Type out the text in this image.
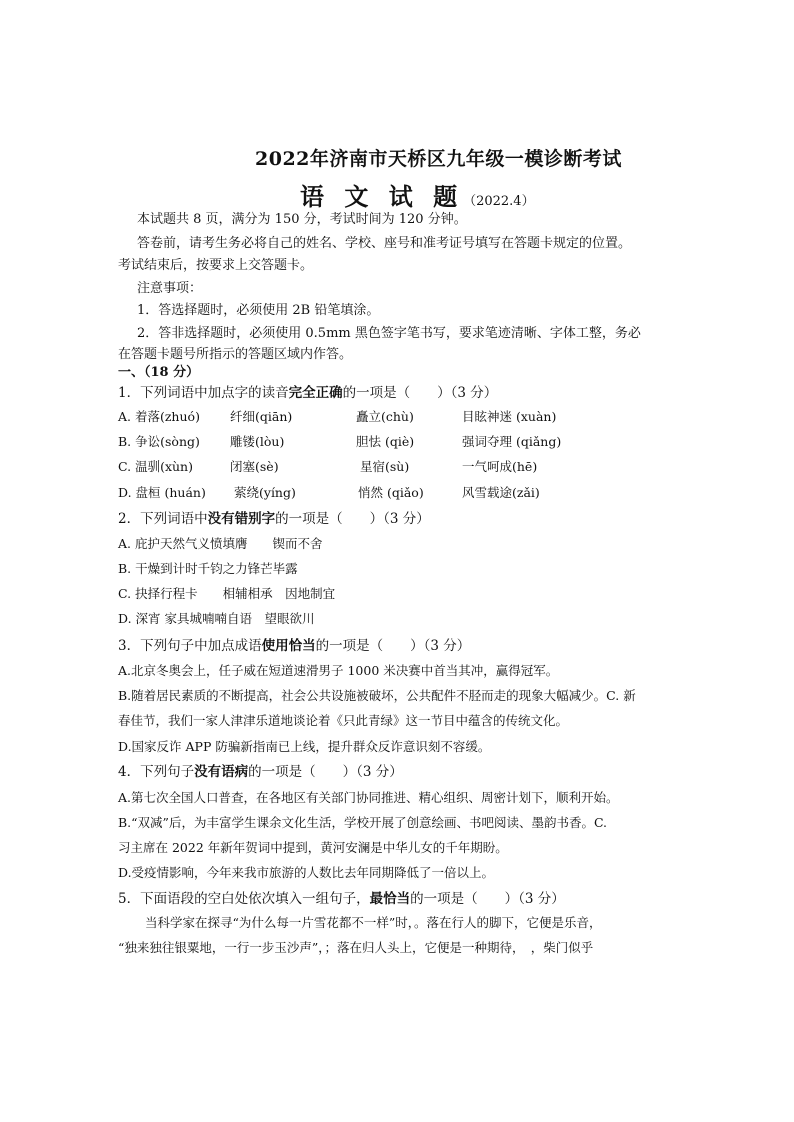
2022年济南市天桥区九年级一模诊断考试
语 文 试 题（2022.4）
本试题共 8 页，满分为 150 分，考试时间为 120 分钟。
答卷前，请考生务必将自己的姓名、学校、座号和准考证号填写在答题卡规定的位置。
考试结束后，按要求上交答题卡。
注意事项：
1．答选择题时，必须使用 2B 铅笔填涂。
2．答非选择题时，必须使用 0.5mm 黑色签字笔书写，要求笔迹清晰、字体工整，务必
在答题卡题号所指示的答题区域内作答。
一、（18 分）
1．下列词语中加点字的读音完全正确的一项是（　　）（3 分）
A. 着落(zhuó) 纤细(qiān)	矗立(chù)	目眩神迷 (xuàn)
B. 争讼(sòng) 雕镂(lòu)	胆怯 (qiè)	强词夺理 (qiǎng)
C. 温驯(xùn)	闭塞(sè)	星宿(sù)	一气呵成(hē)
D. 盘桓 (huán) 萦绕(yíng)	悄然 (qiǎo)	风雪载途(zǎi)
2．下列词语中没有错别字的一项是（　　）（3 分）
A. 庇护天然气义愤填膺　　锲而不舍
B. 干燥到计时千钧之力锋芒毕露
C. 抉择行程卡　　相辅相承　因地制宜
D. 深宵 家具城喃喃自语　望眼欲川
3．下列句子中加点成语使用恰当的一项是（　　）（3 分）
A.北京冬奥会上，任子威在短道速滑男子 1000 米决赛中首当其冲，赢得冠军。
B.随着居民素质的不断提高，社会公共设施被破坏，公共配件不胫而走的现象大幅减少。C. 新
春佳节，我们一家人津津乐道地谈论着《只此青绿》这一节目中蕴含的传统文化。
D.国家反诈 APP 防骗新指南已上线，提升群众反诈意识刻不容缓。
4．下列句子没有语病的一项是（　　）（3 分）
A.第七次全国人口普查，在各地区有关部门协同推进、精心组织、周密计划下，顺利开始。
B.“双减”后，为丰富学生课余文化生活，学校开展了创意绘画、书吧阅读、墨韵书香。C.
习主席在 2022 年新年贺词中提到，黄河安澜是中华儿女的千年期盼。
D.受疫情影响，今年来我市旅游的人数比去年同期降低了一倍以上。
5．下面语段的空白处依次填入一组句子，最恰当的一项是（　　）（3 分）
当科学家在探寻“为什么每一片雪花都不一样”时，。落在行人的脚下，它便是乐音，
“独来独往银粟地，一行一步玉沙声”，；落在归人头上，它便是一种期待，　，柴门似乎
